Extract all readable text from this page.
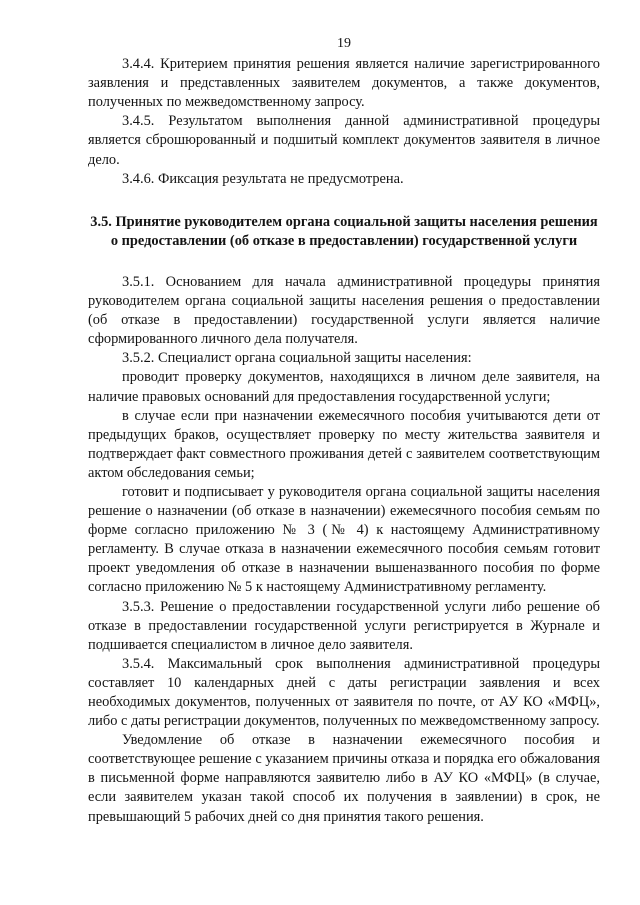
19

3.4.4. Критерием принятия решения является наличие зарегистрированного заявления и представленных заявителем документов, а также документов, полученных по межведомственному запросу.

3.4.5. Результатом выполнения данной административной процедуры является сброшюрованный и подшитый комплект документов заявителя в личное дело.

3.4.6. Фиксация результата не предусмотрена.

3.5. Принятие руководителем органа социальной защиты населения решения о предоставлении (об отказе в предоставлении) государственной услуги

3.5.1. Основанием для начала административной процедуры принятия руководителем органа социальной защиты населения решения о предоставлении (об отказе в предоставлении) государственной услуги является наличие сформированного личного дела получателя.

3.5.2. Специалист органа социальной защиты населения:

проводит проверку документов, находящихся в личном деле заявителя, на наличие правовых оснований для предоставления государственной услуги;

в случае если при назначении ежемесячного пособия учитываются дети от предыдущих браков, осуществляет проверку по месту жительства заявителя и подтверждает факт совместного проживания детей с заявителем соответствующим актом обследования семьи;

готовит и подписывает у руководителя органа социальной защиты населения решение о назначении (об отказе в назначении) ежемесячного пособия семьям по форме согласно приложению № 3 (№ 4) к настоящему Административному регламенту. В случае отказа в назначении ежемесячного пособия семьям готовит проект уведомления об отказе в назначении вышеназванного пособия по форме согласно приложению № 5 к настоящему Административному регламенту.

3.5.3. Решение о предоставлении государственной услуги либо решение об отказе в предоставлении государственной услуги регистрируется в Журнале и подшивается специалистом в личное дело заявителя.

3.5.4. Максимальный срок выполнения административной процедуры составляет 10 календарных дней с даты регистрации заявления и всех необходимых документов, полученных от заявителя по почте, от АУ КО «МФЦ», либо с даты регистрации документов, полученных по межведомственному запросу.

Уведомление об отказе в назначении ежемесячного пособия и соответствующее решение с указанием причины отказа и порядка его обжалования в письменной форме направляются заявителю либо в АУ КО «МФЦ» (в случае, если заявителем указан такой способ их получения в заявлении) в срок, не превышающий 5 рабочих дней со дня принятия такого решения.
